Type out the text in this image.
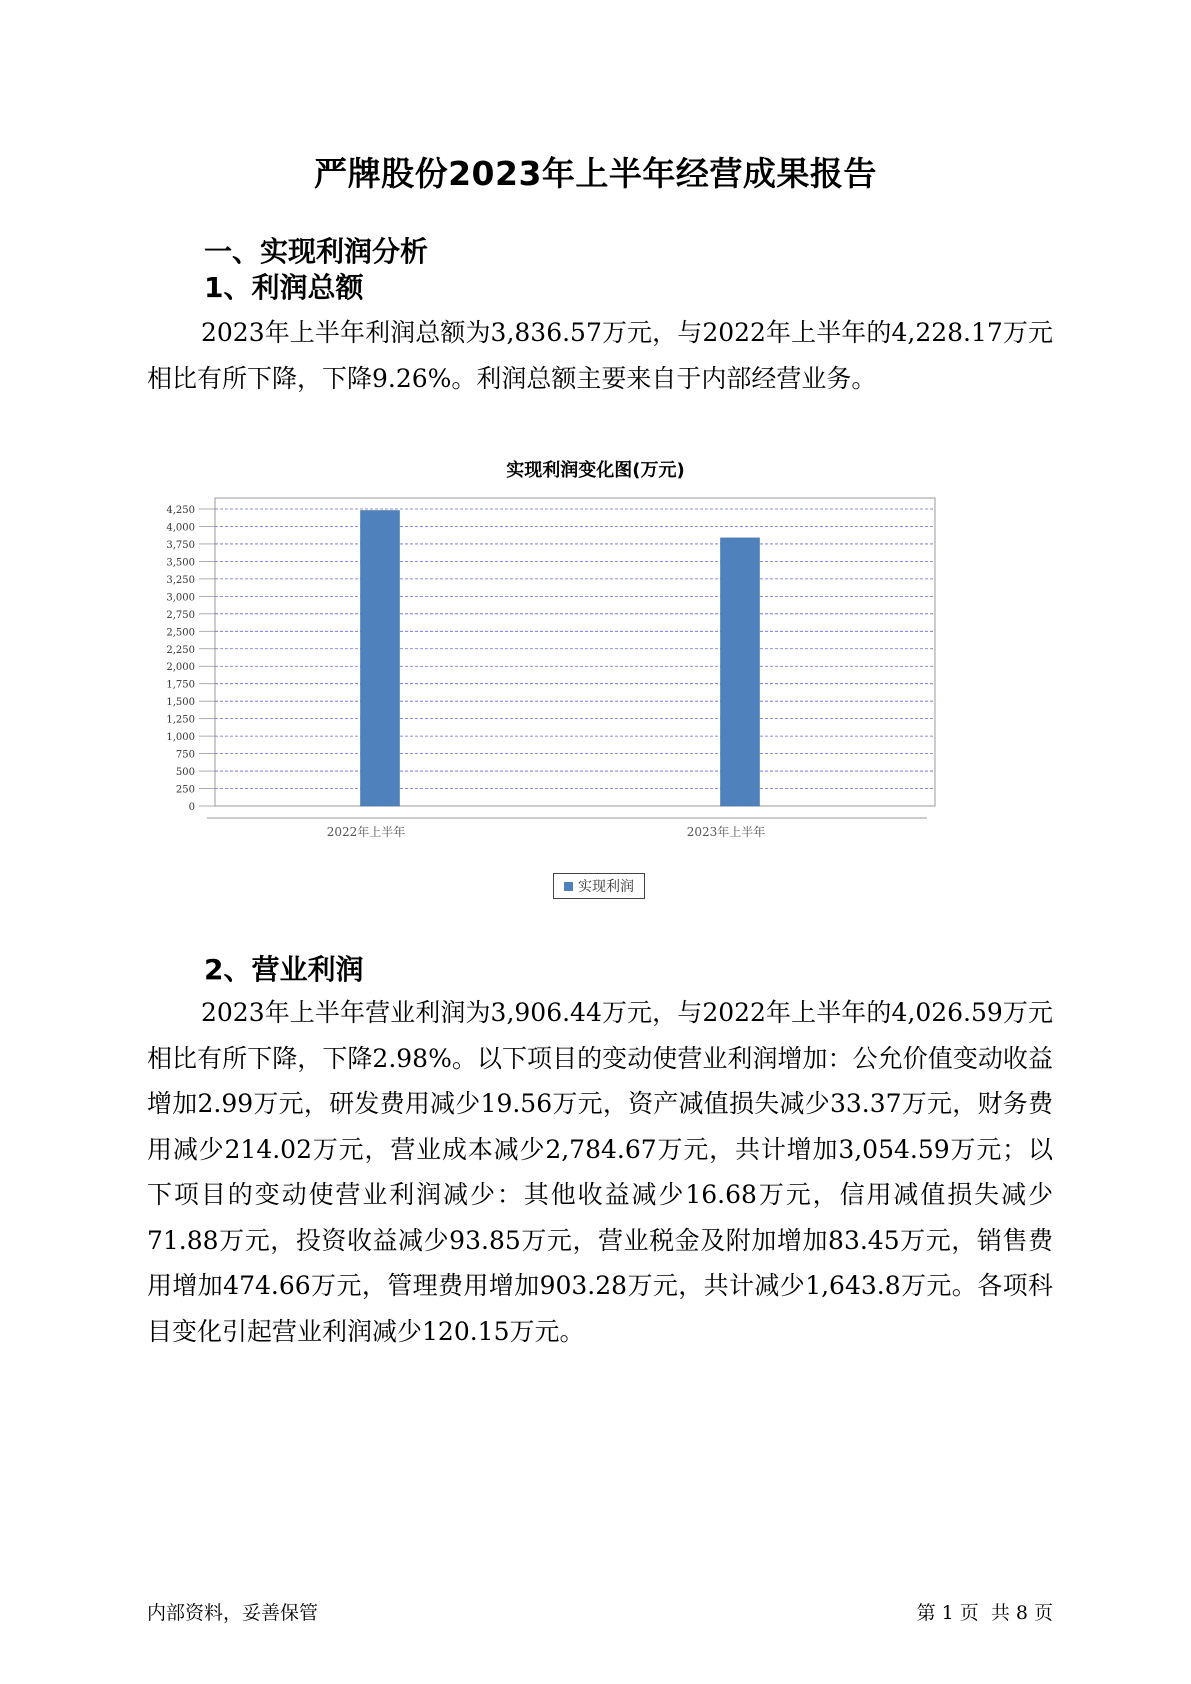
严牌股份2023年上半年经营成果报告
一、实现利润分析
1、利润总额

2023年上半年利润总额为3,836.57万元，与2022年上半年的4,228.17万元相比有所下降，下降9.26%。利润总额主要来自于内部经营业务。

实现利润变化图(万元)
0
250
500
750
1,000
1,250
1,500
1,750
2,000
2,250
2,500
2,750
3,000
3,250
3,500
3,750
4,000
4,250
2022年上半年	2023年上半年
实现利润
2、营业利润

2023年上半年营业利润为3,906.44万元，与2022年上半年的4,026.59万元相比有所下降，下降2.98%。以下项目的变动使营业利润增加：公允价值变动收益增加2.99万元，研发费用减少19.56万元，资产减值损失减少33.37万元，财务费用减少214.02万元，营业成本减少2,784.67万元，共计增加3,054.59万元；以下项目的变动使营业利润减少：其他收益减少16.68万元，信用减值损失减少71.88万元，投资收益减少93.85万元，营业税金及附加增加83.45万元，销售费用增加474.66万元，管理费用增加903.28万元，共计减少1,643.8万元。各项科目变化引起营业利润减少120.15万元。

内部资料，妥善保管	第 1 页  共 8 页
